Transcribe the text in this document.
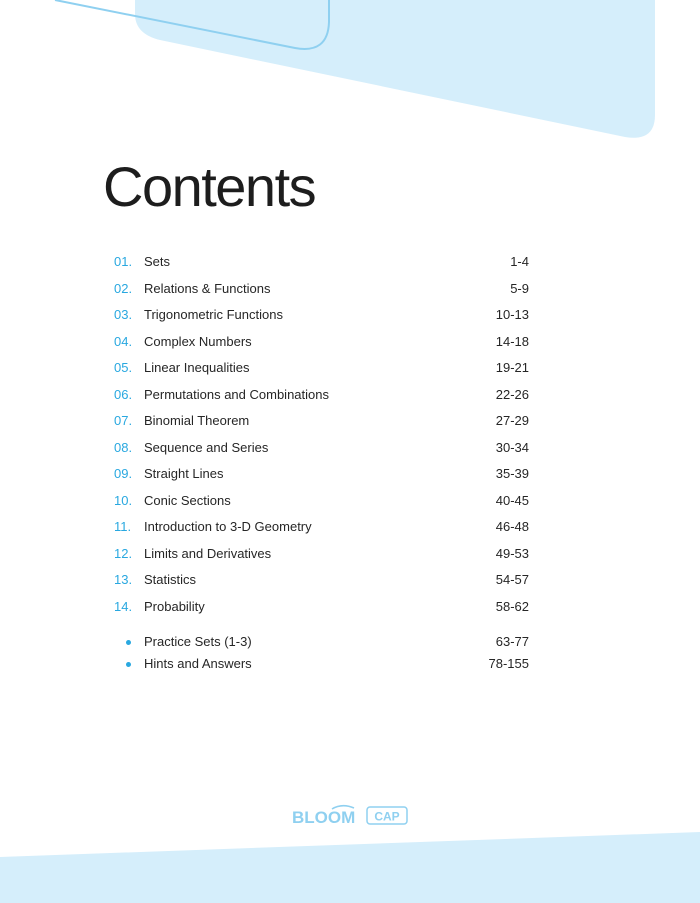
Contents
01. Sets	1-4
02. Relations & Functions	5-9
03. Trigonometric Functions	10-13
04. Complex Numbers	14-18
05. Linear Inequalities	19-21
06. Permutations and Combinations	22-26
07. Binomial Theorem	27-29
08. Sequence and Series	30-34
09. Straight Lines	35-39
10. Conic Sections	40-45
11. Introduction to 3-D Geometry	46-48
12. Limits and Derivatives	49-53
13. Statistics	54-57
14. Probability	58-62
Practice Sets (1-3)	63-77
Hints and Answers	78-155
BLOOM CAP
